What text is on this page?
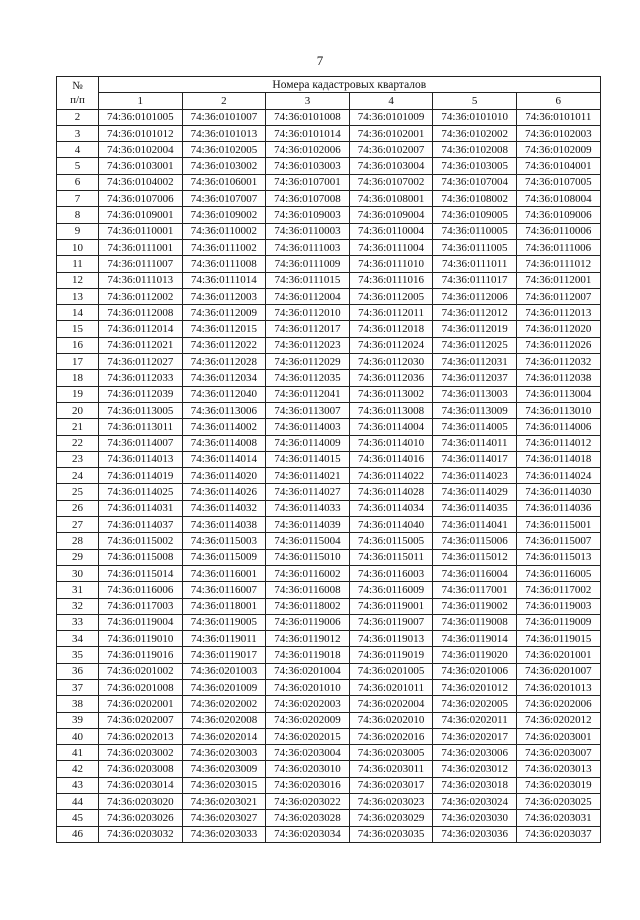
7
№
п/п	Номера кадастровых кварталов					
	1	2	3	4	5	6
2	74:36:0101005	74:36:0101007	74:36:0101008	74:36:0101009	74:36:0101010	74:36:0101011
3	74:36:0101012	74:36:0101013	74:36:0101014	74:36:0102001	74:36:0102002	74:36:0102003
4	74:36:0102004	74:36:0102005	74:36:0102006	74:36:0102007	74:36:0102008	74:36:0102009
5	74:36:0103001	74:36:0103002	74:36:0103003	74:36:0103004	74:36:0103005	74:36:0104001
6	74:36:0104002	74:36:0106001	74:36:0107001	74:36:0107002	74:36:0107004	74:36:0107005
7	74:36:0107006	74:36:0107007	74:36:0107008	74:36:0108001	74:36:0108002	74:36:0108004
8	74:36:0109001	74:36:0109002	74:36:0109003	74:36:0109004	74:36:0109005	74:36:0109006
9	74:36:0110001	74:36:0110002	74:36:0110003	74:36:0110004	74:36:0110005	74:36:0110006
10	74:36:0111001	74:36:0111002	74:36:0111003	74:36:0111004	74:36:0111005	74:36:0111006
11	74:36:0111007	74:36:0111008	74:36:0111009	74:36:0111010	74:36:0111011	74:36:0111012
12	74:36:0111013	74:36:0111014	74:36:0111015	74:36:0111016	74:36:0111017	74:36:0112001
13	74:36:0112002	74:36:0112003	74:36:0112004	74:36:0112005	74:36:0112006	74:36:0112007
14	74:36:0112008	74:36:0112009	74:36:0112010	74:36:0112011	74:36:0112012	74:36:0112013
15	74:36:0112014	74:36:0112015	74:36:0112017	74:36:0112018	74:36:0112019	74:36:0112020
16	74:36:0112021	74:36:0112022	74:36:0112023	74:36:0112024	74:36:0112025	74:36:0112026
17	74:36:0112027	74:36:0112028	74:36:0112029	74:36:0112030	74:36:0112031	74:36:0112032
18	74:36:0112033	74:36:0112034	74:36:0112035	74:36:0112036	74:36:0112037	74:36:0112038
19	74:36:0112039	74:36:0112040	74:36:0112041	74:36:0113002	74:36:0113003	74:36:0113004
20	74:36:0113005	74:36:0113006	74:36:0113007	74:36:0113008	74:36:0113009	74:36:0113010
21	74:36:0113011	74:36:0114002	74:36:0114003	74:36:0114004	74:36:0114005	74:36:0114006
22	74:36:0114007	74:36:0114008	74:36:0114009	74:36:0114010	74:36:0114011	74:36:0114012
23	74:36:0114013	74:36:0114014	74:36:0114015	74:36:0114016	74:36:0114017	74:36:0114018
24	74:36:0114019	74:36:0114020	74:36:0114021	74:36:0114022	74:36:0114023	74:36:0114024
25	74:36:0114025	74:36:0114026	74:36:0114027	74:36:0114028	74:36:0114029	74:36:0114030
26	74:36:0114031	74:36:0114032	74:36:0114033	74:36:0114034	74:36:0114035	74:36:0114036
27	74:36:0114037	74:36:0114038	74:36:0114039	74:36:0114040	74:36:0114041	74:36:0115001
28	74:36:0115002	74:36:0115003	74:36:0115004	74:36:0115005	74:36:0115006	74:36:0115007
29	74:36:0115008	74:36:0115009	74:36:0115010	74:36:0115011	74:36:0115012	74:36:0115013
30	74:36:0115014	74:36:0116001	74:36:0116002	74:36:0116003	74:36:0116004	74:36:0116005
31	74:36:0116006	74:36:0116007	74:36:0116008	74:36:0116009	74:36:0117001	74:36:0117002
32	74:36:0117003	74:36:0118001	74:36:0118002	74:36:0119001	74:36:0119002	74:36:0119003
33	74:36:0119004	74:36:0119005	74:36:0119006	74:36:0119007	74:36:0119008	74:36:0119009
34	74:36:0119010	74:36:0119011	74:36:0119012	74:36:0119013	74:36:0119014	74:36:0119015
35	74:36:0119016	74:36:0119017	74:36:0119018	74:36:0119019	74:36:0119020	74:36:0201001
36	74:36:0201002	74:36:0201003	74:36:0201004	74:36:0201005	74:36:0201006	74:36:0201007
37	74:36:0201008	74:36:0201009	74:36:0201010	74:36:0201011	74:36:0201012	74:36:0201013
38	74:36:0202001	74:36:0202002	74:36:0202003	74:36:0202004	74:36:0202005	74:36:0202006
39	74:36:0202007	74:36:0202008	74:36:0202009	74:36:0202010	74:36:0202011	74:36:0202012
40	74:36:0202013	74:36:0202014	74:36:0202015	74:36:0202016	74:36:0202017	74:36:0203001
41	74:36:0203002	74:36:0203003	74:36:0203004	74:36:0203005	74:36:0203006	74:36:0203007
42	74:36:0203008	74:36:0203009	74:36:0203010	74:36:0203011	74:36:0203012	74:36:0203013
43	74:36:0203014	74:36:0203015	74:36:0203016	74:36:0203017	74:36:0203018	74:36:0203019
44	74:36:0203020	74:36:0203021	74:36:0203022	74:36:0203023	74:36:0203024	74:36:0203025
45	74:36:0203026	74:36:0203027	74:36:0203028	74:36:0203029	74:36:0203030	74:36:0203031
46	74:36:0203032	74:36:0203033	74:36:0203034	74:36:0203035	74:36:0203036	74:36:0203037
